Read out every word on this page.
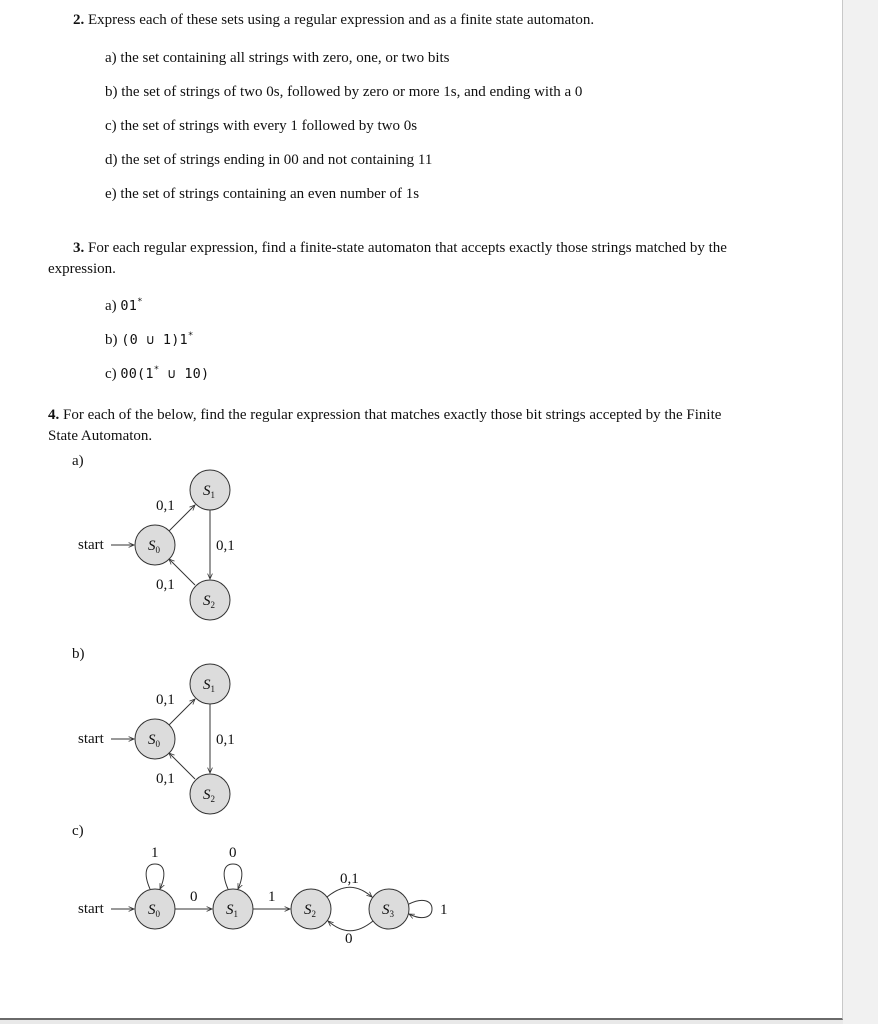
2. Express each of these sets using a regular expression and as a finite state automaton.
a) the set containing all strings with zero, one, or two bits
b) the set of strings of two 0s, followed by zero or more 1s, and ending with a 0
c) the set of strings with every 1 followed by two 0s
d) the set of strings ending in 00 and not containing 11
e) the set of strings containing an even number of 1s
3. For each regular expression, find a finite-state automaton that accepts exactly those strings matched by the
expression.
a) 01*
b) (0 ∪ 1)1*
c) 00(1* ∪ 10)
4. For each of the below, find the regular expression that matches exactly those bit strings accepted by the Finite
State Automaton.
a)
b)
c)
start	$S_0$
$S_1$
$S_2$
0,1
0,1
0,1
start	$S_0$
$S_1$
$S_2$
0,1
0,1
0,1
start	$S_0$	$S_1$	$S_2$	$S_3$
1
0
0
1
0,1
0
1
